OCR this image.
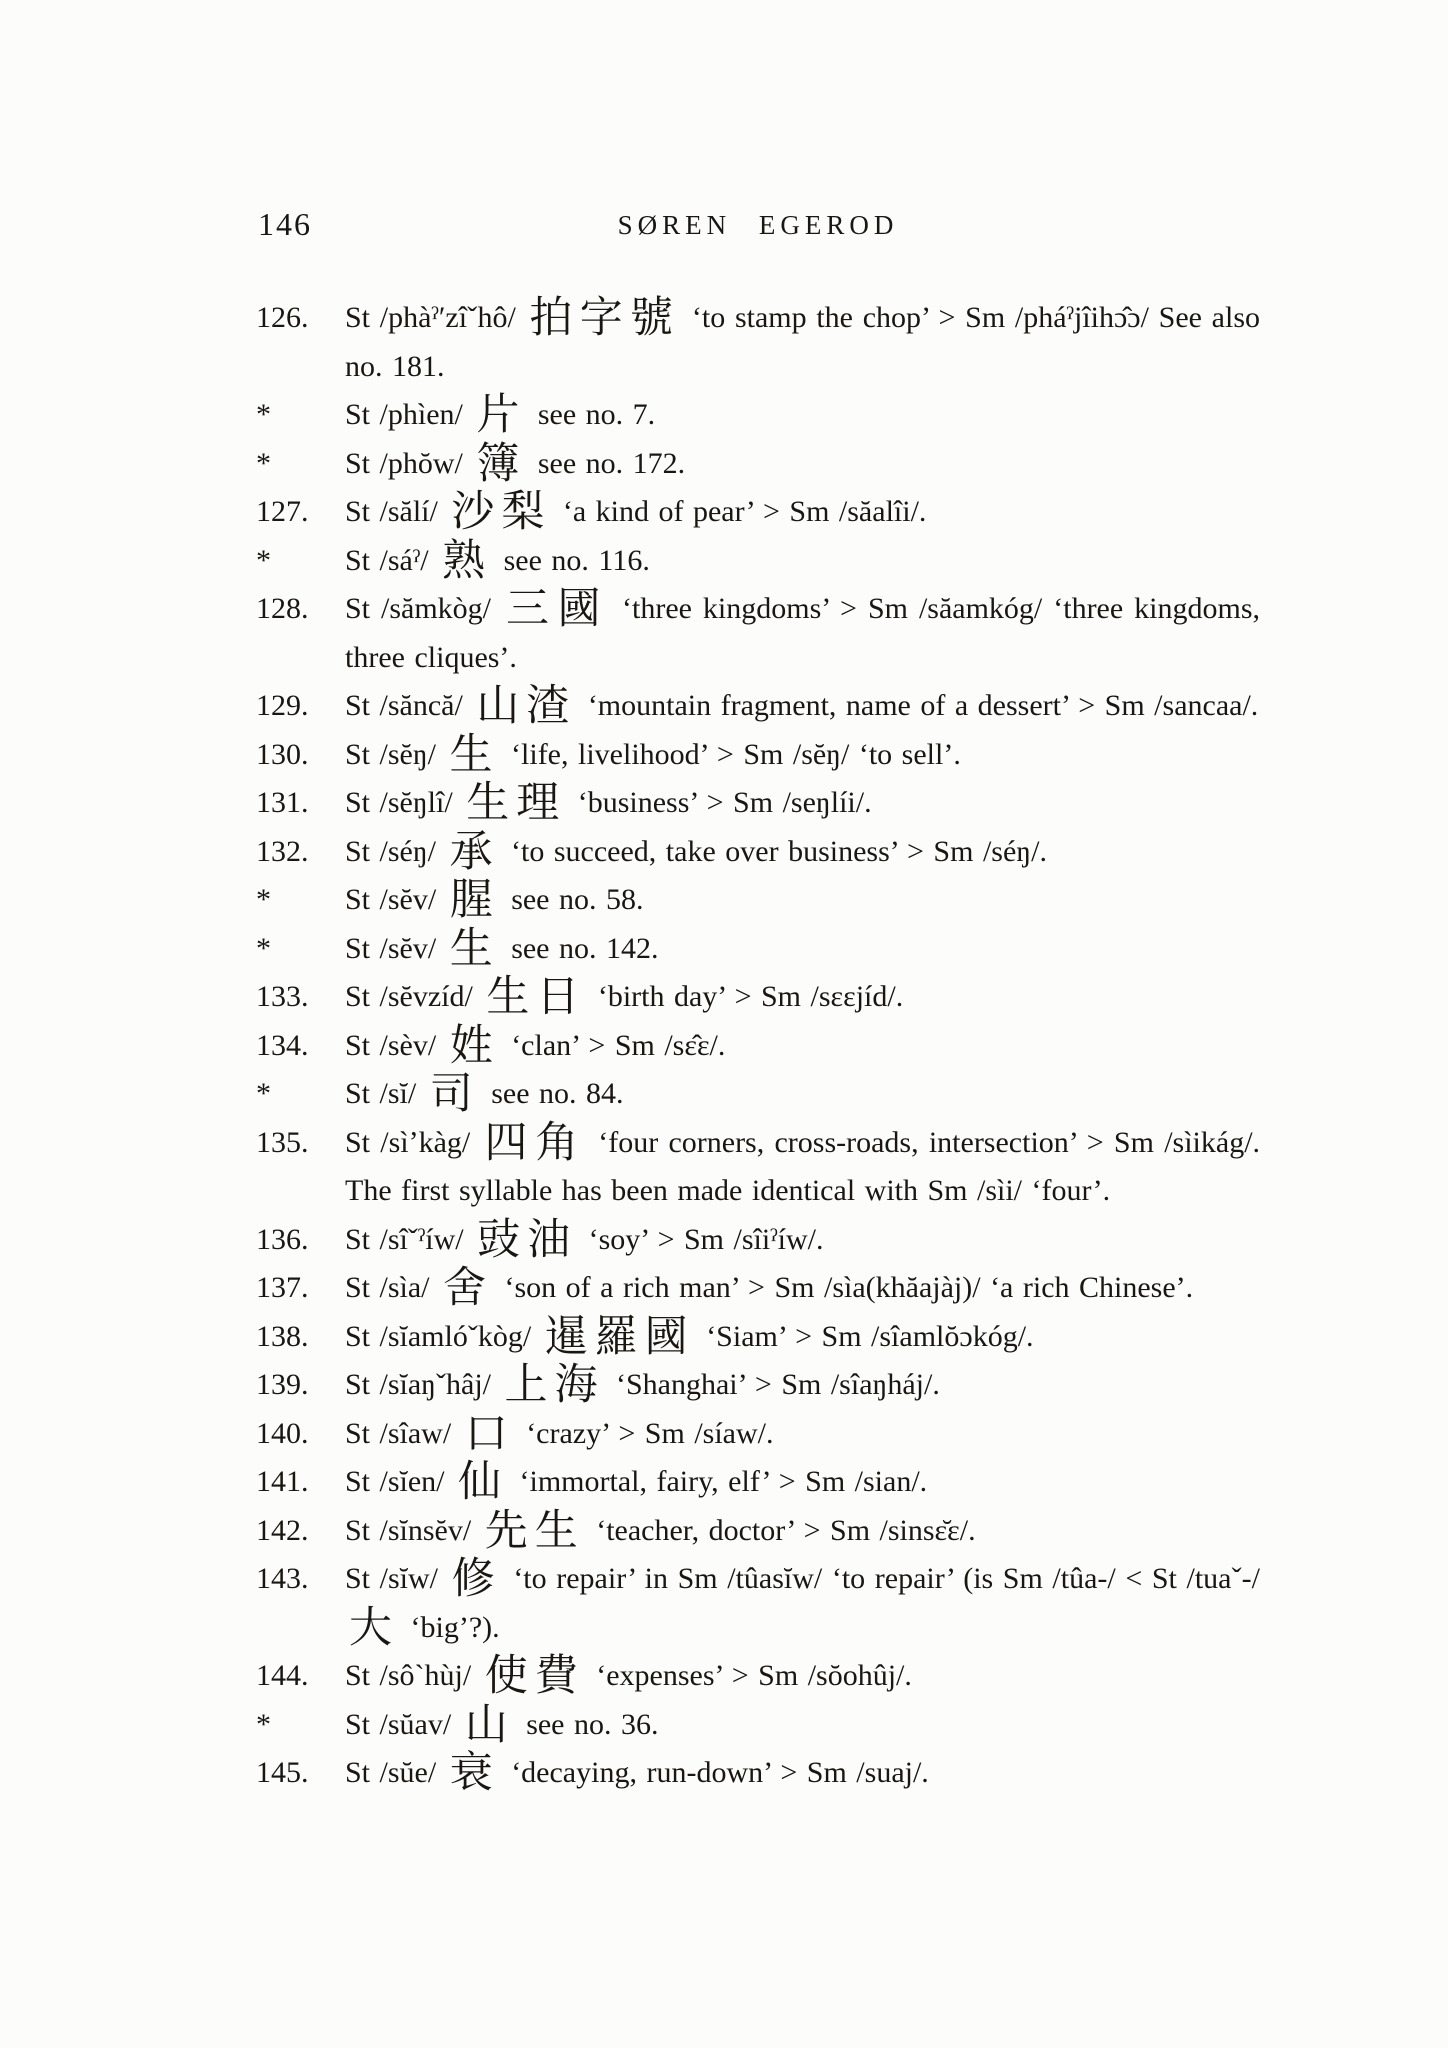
146	SØREN EGEROD
126. St /phàˀʹzîˇhô/ 拍字號 ‘to stamp the chop’ > Sm /pháˀjîihɔ̂ɔ/ See also no. 181.
* St /phìen/ 片 see no. 7.
* St /phŏw/ 簿 see no. 172.
127. St /sălí/ 沙梨 ‘a kind of pear’ > Sm /săalîi/.
* St /sáˀ/ 熟 see no. 116.
128. St /sămkòg/ 三國 ‘three kingdoms’ > Sm /săamkóg/ ‘three kingdoms, three cliques’.
129. St /săncă/ 山渣 ‘mountain fragment, name of a dessert’ > Sm /sancaa/.
130. St /sĕŋ/ 生 ‘life, livelihood’ > Sm /sĕŋ/ ‘to sell’.
131. St /sĕŋlî/ 生理 ‘business’ > Sm /seŋlíi/.
132. St /séŋ/ 承 ‘to succeed, take over business’ > Sm /séŋ/.
* St /sĕv/ 腥 see no. 58.
* St /sĕv/ 生 see no. 142.
133. St /sĕvzíd/ 生日 ‘birth day’ > Sm /sɛɛjíd/.
134. St /sèv/ 姓 ‘clan’ > Sm /sɛ̂ɛ/.
* St /sĭ/ 司 see no. 84.
135. St /sìʼkàg/ 四角 ‘four corners, cross-roads, intersection’ > Sm /sìikág/. The first syllable has been made identical with Sm /sìi/ ‘four’.
136. St /sîˇˀíw/ 豉油 ‘soy’ > Sm /sîiˀíw/.
137. St /sìa/ 舍 ‘son of a rich man’ > Sm /sìa(khăajàj)/ ‘a rich Chinese’.
138. St /sĭamlóˇkòg/ 暹羅國 ‘Siam’ > Sm /sîamlŏɔkóg/.
139. St /sĭaŋˇhâj/ 上海 ‘Shanghai’ > Sm /sîaŋháj/.
140. St /sîaw/ 口 ‘crazy’ > Sm /síaw/.
141. St /sĭen/ 仙 ‘immortal, fairy, elf’ > Sm /sian/.
142. St /sĭnsĕv/ 先生 ‘teacher, doctor’ > Sm /sinsɛ̆ɛ/.
143. St /sĭw/ 修 ‘to repair’ in Sm /tûasĭw/ ‘to repair’ (is Sm /tûa-/ < St /tuaˇ-/ 大 ‘big’?).
144. St /sôˋhùj/ 使費 ‘expenses’ > Sm /sŏohûj/.
* St /sŭav/ 山 see no. 36.
145. St /sŭe/ 衰 ‘decaying, run-down’ > Sm /suaj/.
